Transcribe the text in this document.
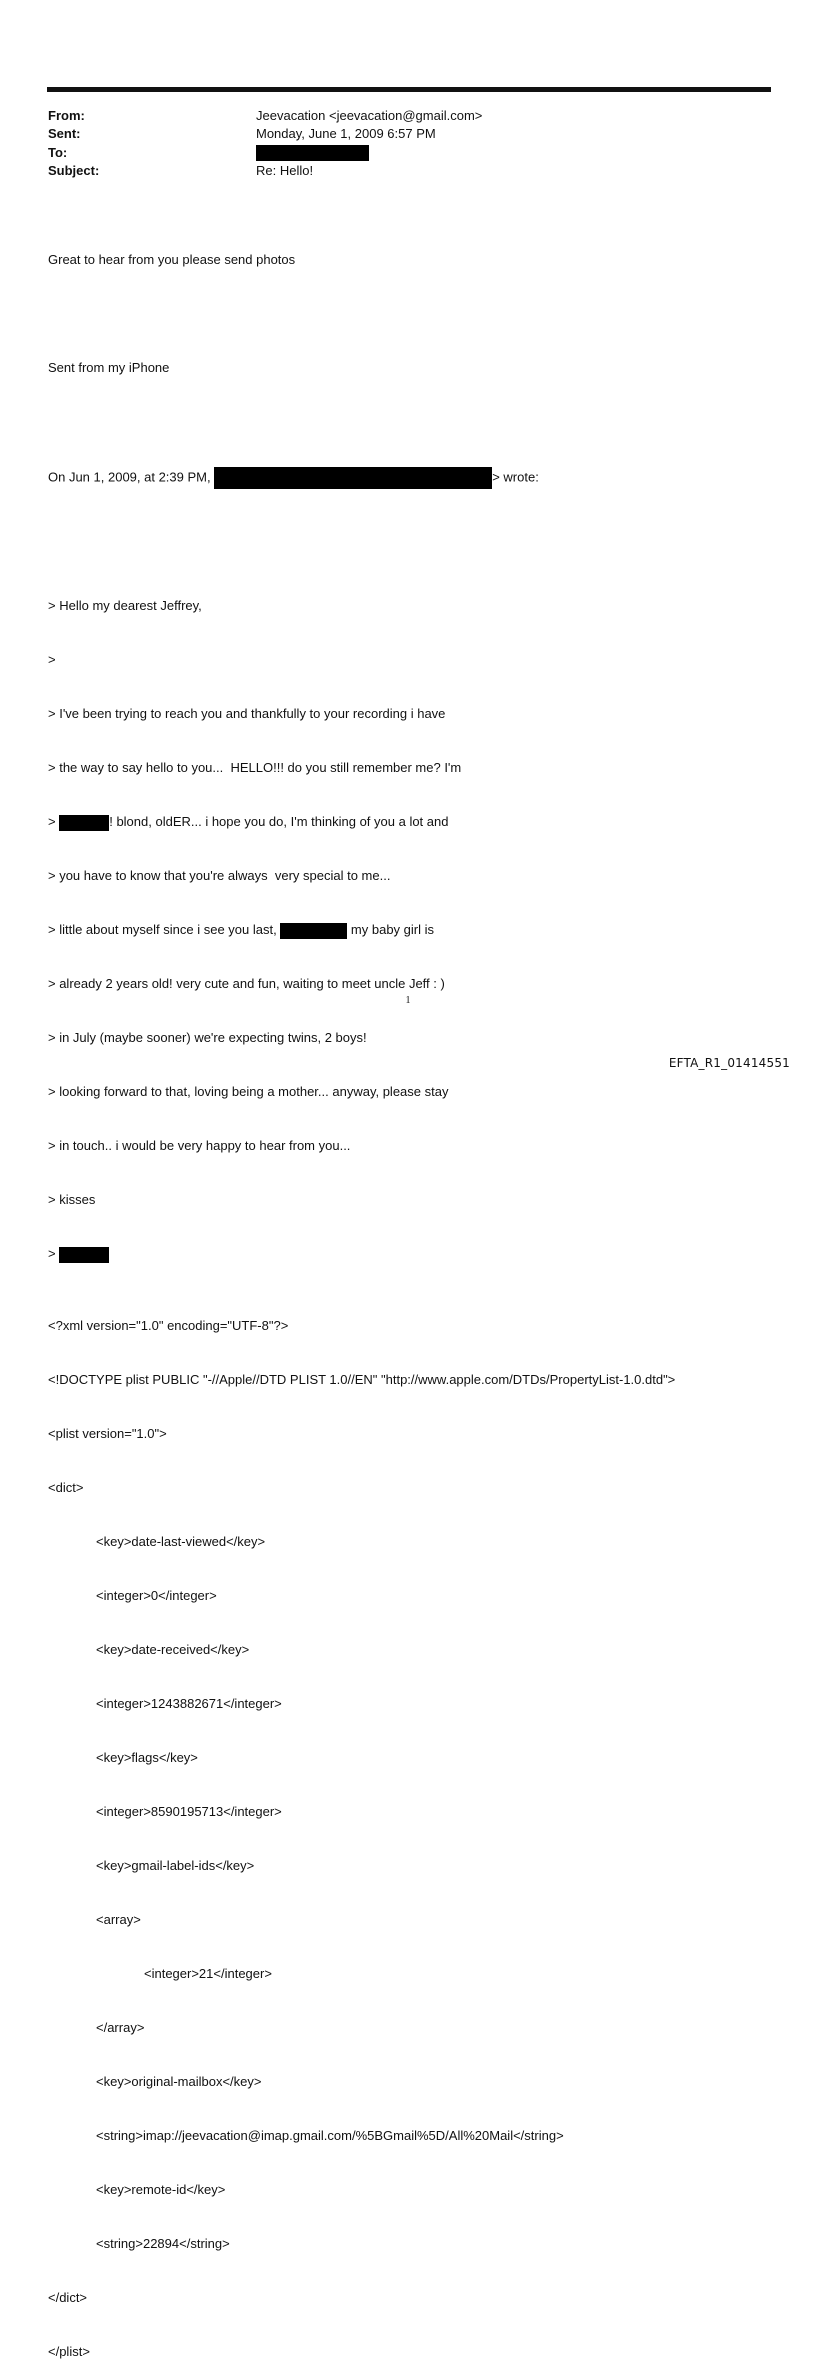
From:	Jeevacation <jeevacation@gmail.com>
Sent:	Monday, June 1, 2009 6:57 PM
To:
Subject:	Re: Hello!

Great to hear from you please send photos

Sent from my iPhone

On Jun 1, 2009, at 2:39 PM,	> wrote:

> Hello my dearest Jeffrey,

>

> I've been trying to reach you and thankfully to your recording i have

> the way to say hello to you...  HELLO!!! do you still remember me? I'm

>	! blond, oldER... i hope you do, I'm thinking of you a lot and

> you have to know that you're always  very special to me...

> little about myself since i see you last,	my baby girl is

> already 2 years old! very cute and fun, waiting to meet uncle Jeff : )

> in July (maybe sooner) we're expecting twins, 2 boys!

> looking forward to that, loving being a mother... anyway, please stay

> in touch.. i would be very happy to hear from you...

> kisses

>

<?xml version="1.0" encoding="UTF-8"?>

<!DOCTYPE plist PUBLIC "-//Apple//DTD PLIST 1.0//EN" "http://www.apple.com/DTDs/PropertyList-1.0.dtd">

<plist version="1.0">

<dict>

<key>date-last-viewed</key>

<integer>0</integer>

<key>date-received</key>

<integer>1243882671</integer>

<key>flags</key>

<integer>8590195713</integer>

<key>gmail-label-ids</key>

<array>

<integer>21</integer>

</array>

<key>original-mailbox</key>

<string>imap://jeevacation@imap.gmail.com/%5BGmail%5D/All%20Mail</string>

<key>remote-id</key>

<string>22894</string>

</dict>

</plist>

1
EFTA_R1_01414551
